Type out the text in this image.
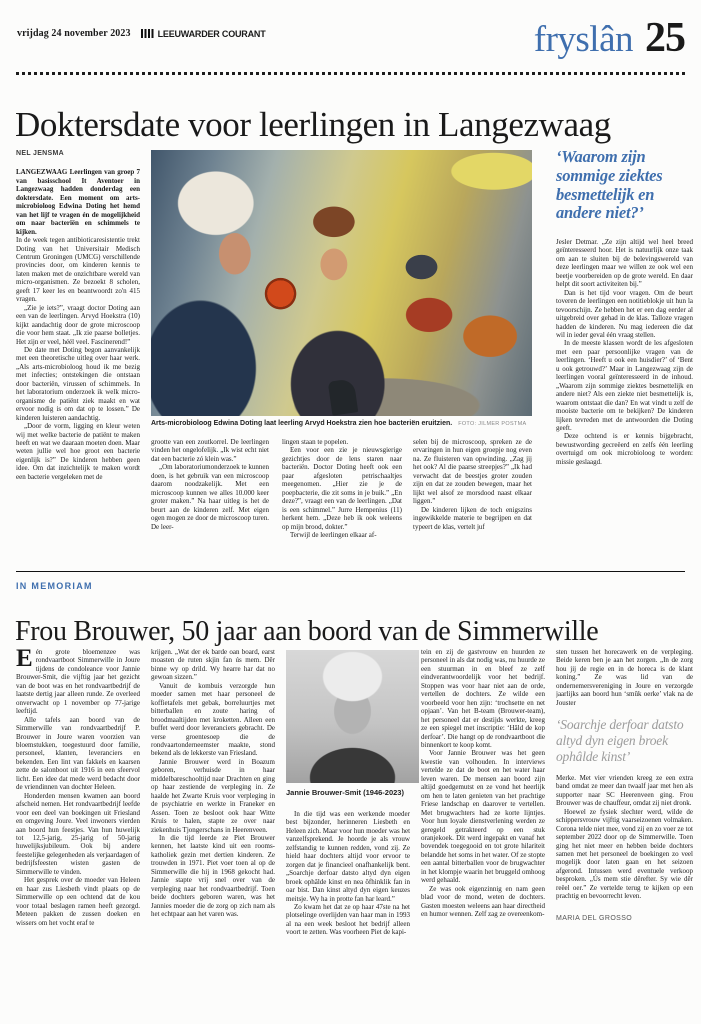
vrijdag 24 november 2023	LEEUWARDER COURANT	fryslân 25
Doktersdate voor leerlingen in Langezwaag
NEL JENSMA

LANGEZWAAG Leerlingen van groep 7 van basisschool It Aventoer in Langezwaag hadden donderdag een doktersdate. Een moment om arts-microbioloog Edwina Doting het hemd van het lijf te vragen én de mogelijkheid om naar bacteriën en schimmels te kijken.

In de week tegen antibioticaresistentie trekt Doting van het Universitair Medisch Centrum Groningen (UMCG) verschillende provincies door, om kinderen kennis te laten maken met de onzichtbare wereld van micro-organismen. Ze bezoekt 8 scholen, geeft 17 keer les en beantwoordt zo'n 415 vragen.

„Zie je iets?”, vraagt doctor Doting aan een van de leerlingen. Arvyd Hoekstra (10) kijkt aandachtig door de grote microscoop die voor hem staat. „Ik zie paarse bolletjes. Het zijn er veel, héél veel. Fascinerend!”

De date met Doting begon aanvankelijk met een theoretische uitleg over haar werk. „Als arts-microbioloog houd ik me bezig met infecties; ontstekingen die ontstaan door bacteriën, virussen of schimmels. In het laboratorium onderzoek ik welk micro-organisme de patiënt ziek maakt en wat ervoor nodig is om dat op te lossen.” De kinderen luisteren aandachtig.

„Door de vorm, ligging en kleur weten wij met welke bacterie de patiënt te maken heeft en wat we daaraan moeten doen. Maar weten jullie wel hoe groot een bacterie eigenlijk is?” De kinderen hebben geen idee. Om dat inzichtelijk te maken wordt een bacterie vergeleken met de

Arts-microbioloog Edwina Doting laat leerling Arvyd Hoekstra zien hoe bacteriën eruitzien. FOTO: JILMER POSTMA

grootte van een zoutkorrel. De leerlingen vinden het ongelofelijk. „Ik wist echt niet dat een bacterie zó klein was.”

„Om laboratoriumonderzoek te kunnen doen, is het gebruik van een microscoop daarom noodzakelijk. Met een microscoop kunnen we alles 10.000 keer groter maken.” Na haar uitleg is het de beurt aan de kinderen zelf. Met eigen ogen mogen ze door de microscoop turen. De leer-

lingen staan te popelen.

Een voor een zie je nieuwsgierige gezichtjes door de lens staren naar bacteriën. Doctor Doting heeft ook een paar afgesloten petrischaaltjes meegenomen. „Hier zie je de poepbacterie, die zit soms in je buik.” „En deze?”, vraagt een van de leerlingen. „Dat is een schimmel.” Jurre Hempenius (11) herkent hem. „Deze heb ik ook weleens op mijn brood, dokter.”

Terwijl de leerlingen elkaar af-

selen bij de microscoop, spreken ze de ervaringen in hun eigen groepje nog even na. Ze fluisteren van opwinding. „Zag jij het ook? Al die paarse streepjes?” „Ik had verwacht dat de beestjes groter zouden zijn en dat ze zouden bewegen, maar het lijkt wel alsof ze morsdood naast elkaar liggen.”

De kinderen lijken de toch enigszins ingewikkelde materie te begrijpen en dat typeert de klas, vertelt juf

‘Waarom zijn sommige ziektes besmettelijk en andere niet?’

Jesler Detmar. „Ze zijn altijd wel heel breed geïnteresseerd hoor. Het is natuurlijk onze taak om aan te sluiten bij de belevingswereld van deze leerlingen maar we willen ze ook wel een beetje voorbereiden op de grote wereld. En daar helpt dit soort activiteiten bij.”

Dan is het tijd voor vragen. Om de beurt toveren de leerlingen een notitieblokje uit hun la tevoorschijn. Ze hebben het er een dag eerder al uitgebreid over gehad in de klas. Talloze vragen hadden de kinderen. Nu mag iedereen die dat wil in ieder geval één vraag stellen.

In de meeste klassen wordt de les afgesloten met een paar persoonlijke vragen van de leerlingen. ‘Heeft u ook een huisdier?’ of ‘Bent u ook getrouwd?’ Maar in Langezwaag zijn de leerlingen vooral geïnteresseerd in de inhoud. „Waarom zijn sommige ziektes besmettelijk en andere niet? Als een ziekte niet besmettelijk is, waarom ontstaat die dan? En wat vindt u zelf de mooiste bacterie om te bekijken? De kinderen lijken tevreden met de antwoorden die Doting geeft.

Deze ochtend is er kennis bijgebracht, bewustwording gecreëerd en zelfs één leerling overtuigd om ook microbioloog te worden: missie geslaagd.

IN MEMORIAM
Frou Brouwer, 50 jaar aan boord van de Simmerwille

Eén grote bloemenzee was rondvaartboot Simmerwille in Joure tijdens de condoleance voor Jannie Brouwer-Smit, die vijftig jaar het gezicht van de boot was en het rondvaartbedrijf de laatste dertig jaar alleen runde. Ze overleed onverwacht op 1 november op 77-jarige leeftijd.

Alle tafels aan boord van de Simmerwille van rondvaartbedrijf P. Brouwer in Joure waren voorzien van bloemstukken, toegestuurd door familie, personeel, klanten, leveranciers en bekenden. Een lint van fakkels en kaarsen zette de salonboot uit 1916 in een sfeervol licht. Een idee dat mede werd bedacht door de vriendinnen van dochter Heleen.

Honderden mensen kwamen aan boord afscheid nemen. Het rondvaartbedrijf leefde voor een deel van boekingen uit Friesland en omgeving Joure. Veel inwoners vierden aan boord hun feestjes. Van hun huwelijk tot 12,5-jarig, 25-jarig of 50-jarig huwelijksjubileum. Ook bij andere feestelijke gelegenheden als verjaardagen of bedrijfsfeesten wisten gasten de Simmerwille te vinden.

Het gesprek over de moeder van Heleen en haar zus Liesbeth vindt plaats op de Simmerwille op een ochtend dat de kou voor totaal beslagen ramen heeft gezorgd. Meteen pakken de zussen doeken en wissers om het vocht eraf te

krijgen. „Wat der ek barde oan board, earst moasten de ruten skjin fan ús mem. Dêr binne wy op drild. Wy hearre har dat no gewoan sizzen.”

Vanuit de kombuis verzorgde hun moeder samen met haar personeel de koffietafels met gebak, borreluurtjes met bitterballen en zoute haring of broodmaaltijden met kroketten. Alleen een buffet werd door leveranciers gebracht. De verse groentesoep die de rondvaartonderneemster maakte, stond bekend als de lekkerste van Friesland.

Jannie Brouwer werd in Boazum geboren, verhuisde in haar middelbareschooltijd naar Drachten en ging op haar zestiende de verpleging in. Ze haalde het Zwarte Kruis voor verpleging in de psychiatrie en werkte in Franeker en Assen. Toen ze besloot ook haar Witte Kruis te halen, stapte ze over naar ziekenhuis Tjongerschans in Heerenveen.

In die tijd leerde ze Piet Brouwer kennen, het laatste kind uit een rooms-katholiek gezin met dertien kinderen. Ze trouwden in 1971. Piet voer toen al op de Simmerwille die hij in 1968 gekocht had. Jannie stapte vrij snel over van de verpleging naar het rondvaartbedrijf. Toen beide dochters geboren waren, was het Jannies moeder die de zorg op zich nam als het echtpaar aan het varen was.

Jannie Brouwer-Smit (1946-2023)

In die tijd was een werkende moeder best bijzonder, herinneren Liesbeth en Heleen zich. Maar voor hun moeder was het vanzelfsprekend. Je hoorde je als vrouw zelfstandig te kunnen redden, vond zij. Ze hield haar dochters altijd voor ervoor te zorgen dat je financieel onafhankelijk bent. „Soarchje derfoar datsto altyd dyn eigen broek ophâlde kinst en nea ôfhinklik fan in oar bist. Dan kinst altyd dyn eigen keuzes meitsje. Wy ha in protte fan har leard.”

Zo kwam het dat ze op haar 47ste na het plotselinge overlijden van haar man in 1993 al na een week besloot het bedrijf alleen voort te zetten. Was voorheen Piet de kapi-

tein en zij de gastvrouw en huurden ze personeel in als dat nodig was, nu huurde ze een stuurman in en bleef ze zelf eindverantwoordelijk voor het bedrijf. Stoppen was voor haar niet aan de orde, vertellen de dochters. Ze wilde een voorbeeld voor hen zijn: ‘trochsette en net opjaan’. Van het B-team (Brouwer-team), het personeel dat er destijds werkte, kreeg ze een spiegel met inscriptie: ‘Hâld de kop derfoar’. Die hangt op de rondvaartboot die binnenkort te koop komt.

Voor Jannie Brouwer was het geen kwestie van volhouden. In interviews vertelde ze dat de boot en het water haar leven waren. De mensen aan boord zijn altijd goedgemutst en ze vond het heerlijk om hen te laten genieten van het prachtige Friese landschap en daarover te vertellen. Met brugwachters had ze korte lijntjes. Voor hun loyale dienstverlening werden ze geregeld getrakteerd op een stuk oranjekoek. Dit werd ingepakt en vanaf het bovendek toegegooid en tot grote hilariteit belandde het soms in het water. Of ze stopte een aantal bitterballen voor de brugwachter in het klompje waarin het bruggeld omhoog werd gehaald.

Ze was ook eigenzinnig en nam geen blad voor de mond, weten de dochters. Gasten moesten weleens aan haar directheid en humor wennen. Zelf zag ze overeenkom-

sten tussen het horecawerk en de verpleging. Beide keren ben je aan het zorgen. „In de zorg hou jij de regie en in de horeca is de klant koning.” Ze was lid van de ondernemersvereniging in Joure en verzorgde jaarlijks aan boord hun ‘smûk oerke’ vlak na de Jouster

‘Soarchje derfoar datsto altyd dyn eigen broek ophâlde kinst’

Merke. Met vier vrienden kreeg ze een extra band omdat ze meer dan twaalf jaar met hen als supporter naar SC Heerenveen ging. Frou Brouwer was de chauffeur, omdat zij niet dronk.

Hoewel ze fysiek slechter werd, wilde de schippersvrouw vijftig vaarseizoenen volmaken. Corona telde niet mee, vond zij en zo voer ze tot september 2022 door op de Simmerwille. Toen ging het niet meer en hebben beide dochters samen met het personeel de boekingen zo veel mogelijk door laten gaan en het seizoen afgerond. Intussen werd eventuele verkoop besproken. „Ús mem stie dêrefter. Sy wie dêr reëel oer.” Ze vertelde terug te kijken op een prachtig en bevoorrecht leven.

MARIA DEL GROSSO
